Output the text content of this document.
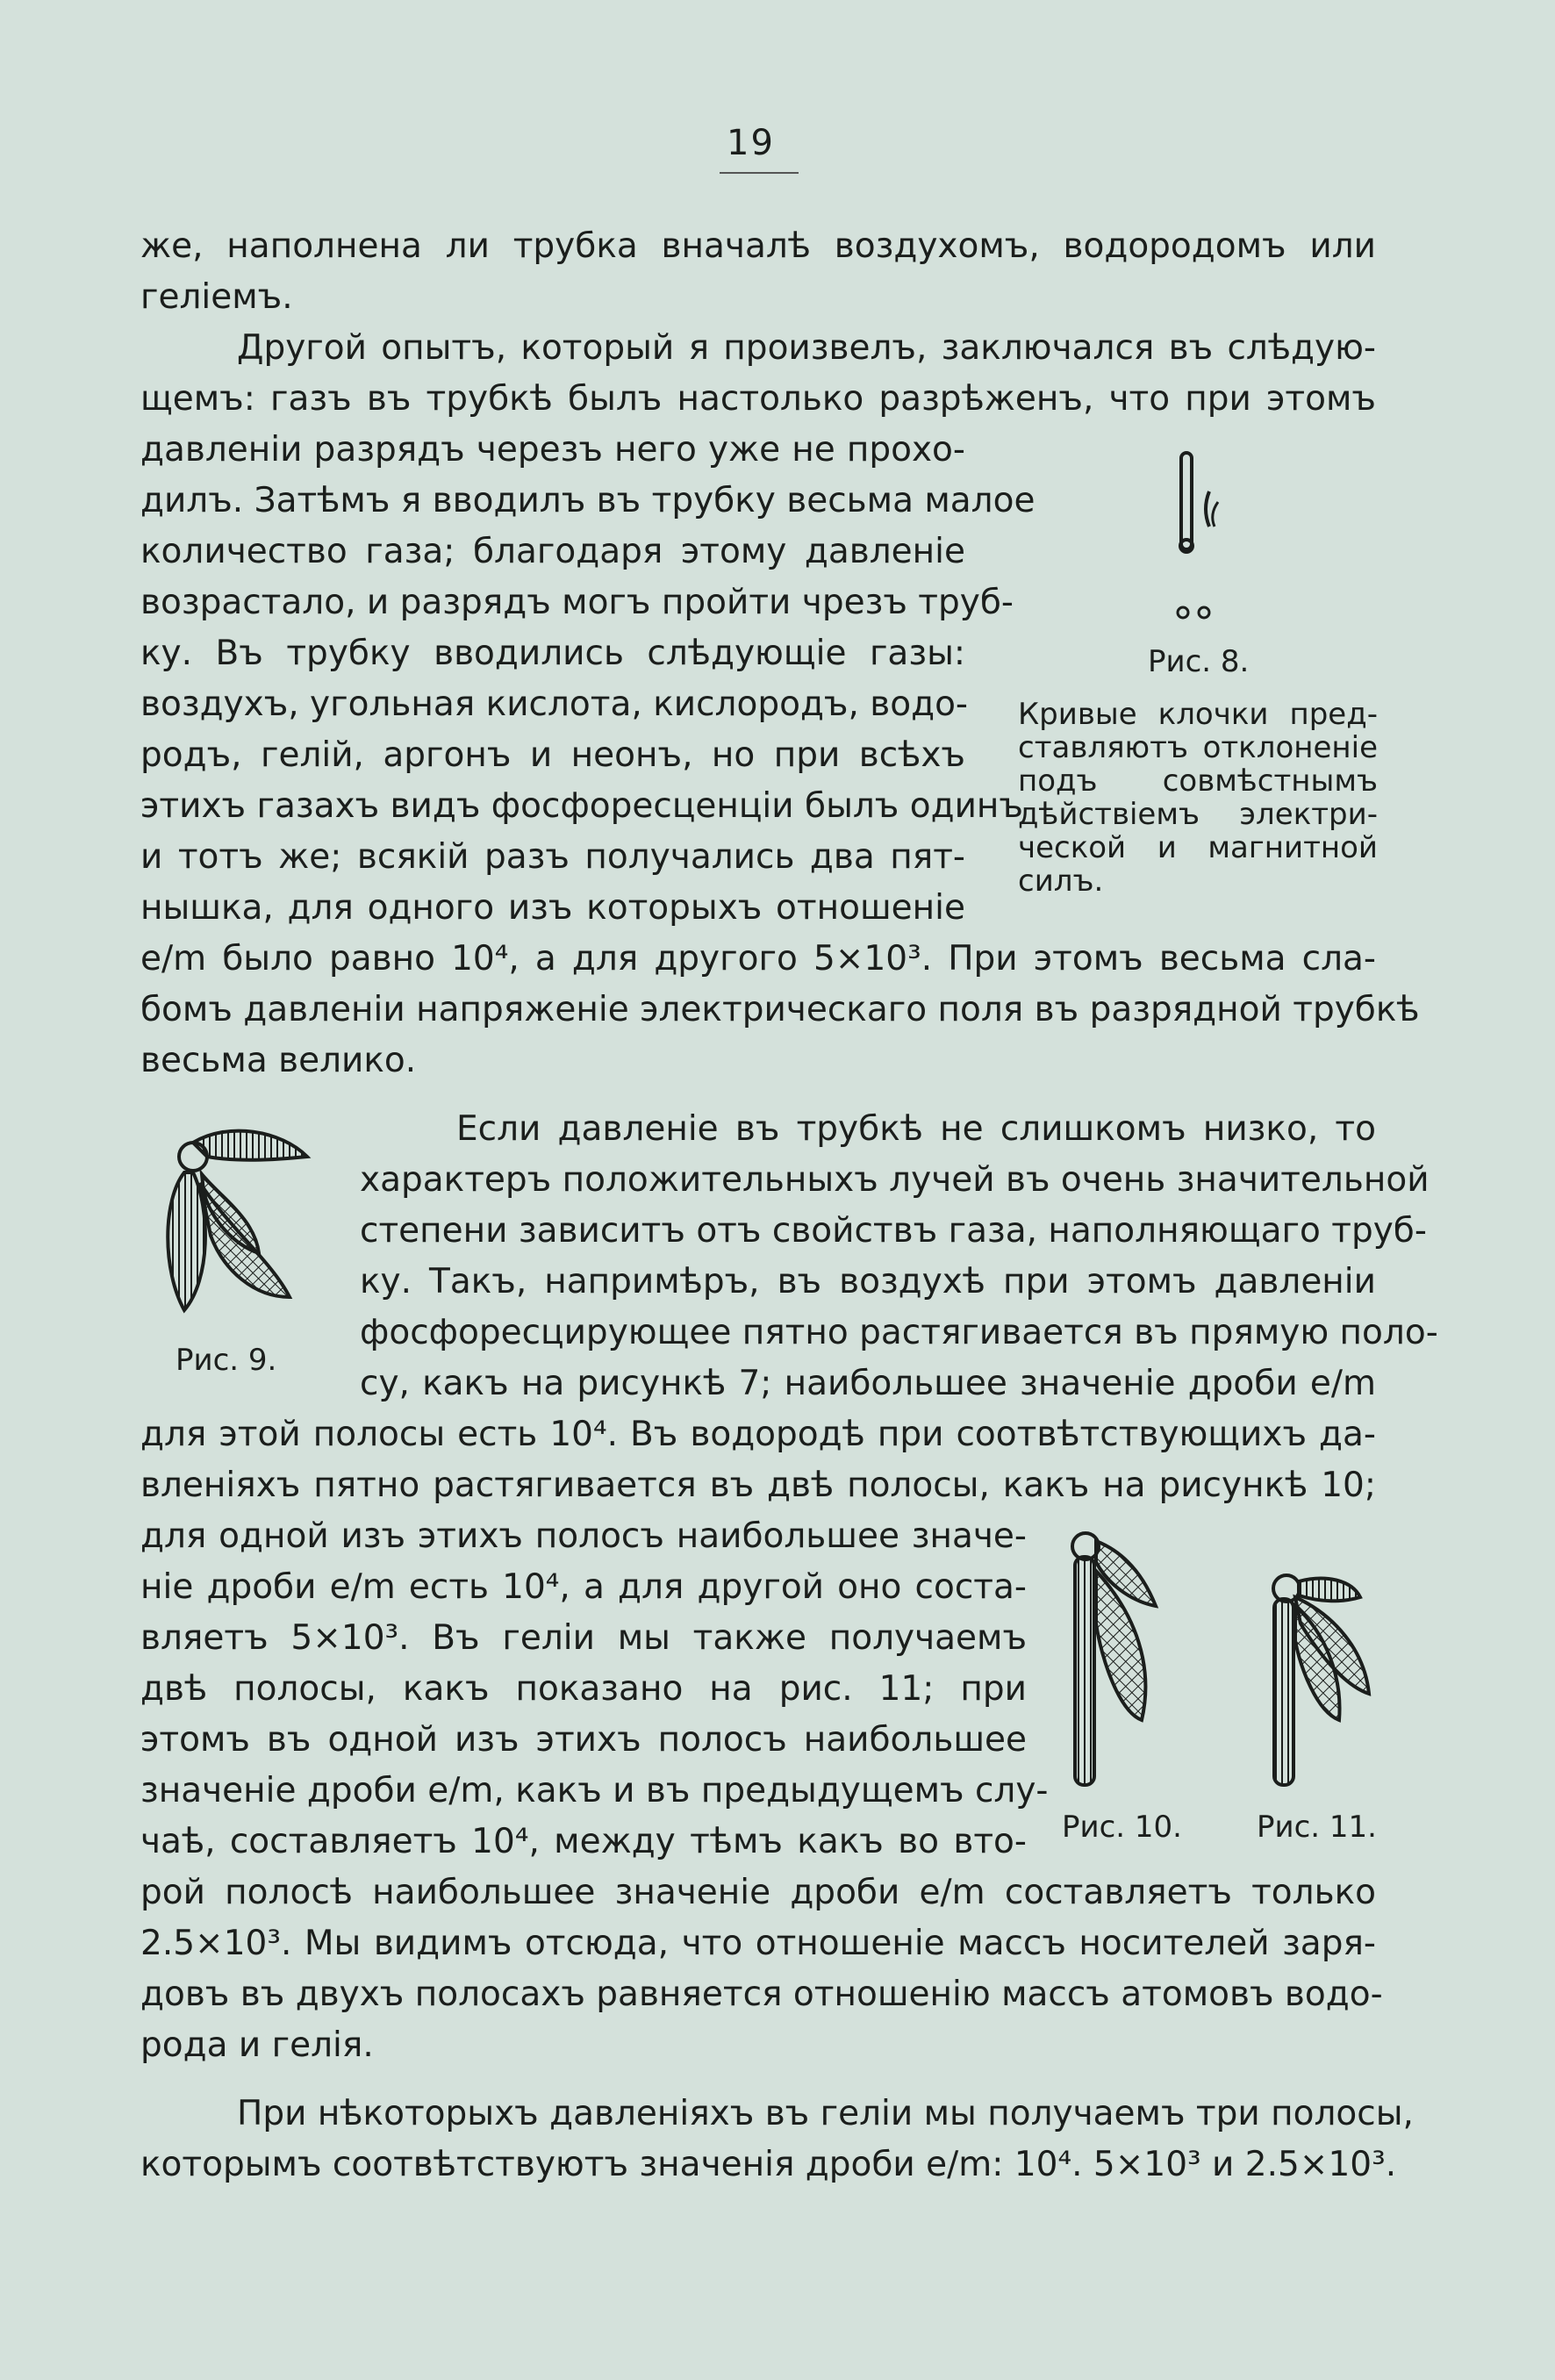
19
же, наполнена ли трубка вначалѣ воздухомъ, водородомъ или
геліемъ.
Другой опытъ, который я произвелъ, заключался въ слѣдую-
щемъ: газъ въ трубкѣ былъ настолько разрѣженъ, что при этомъ
давленіи разрядъ черезъ него уже не прохо-
дилъ. Затѣмъ я вводилъ въ трубку весьма малое
количество газа; благодаря этому давленіе
возрастало, и разрядъ могъ пройти чрезъ труб-
ку. Въ трубку вводились слѣдующіе газы:
воздухъ, угольная кислота, кислородъ, водо-
родъ, гелій, аргонъ и неонъ, но при всѣхъ
этихъ газахъ видъ фосфоресценціи былъ одинъ
и тотъ же; всякій разъ получались два пят-
нышка, для одного изъ которыхъ отношеніе
e/m было равно 10⁴, а для другого 5×10³. При этомъ весьма сла-
бомъ давленіи напряженіе электрическаго поля въ разрядной трубкѣ
весьма велико.
Рис. 8.
Кривые клочки пред-
ставляютъ отклоненіе
подъ совмѣстнымъ
дѣйствіемъ электри-
ческой и магнитной
силъ.
Если давленіе въ трубкѣ не слишкомъ низко, то
характеръ положительныхъ лучей въ очень значительной
степени зависитъ отъ свойствъ газа, наполняющаго труб-
ку. Такъ, напримѣръ, въ воздухѣ при этомъ давленіи
фосфоресцирующее пятно растягивается въ прямую поло-
су, какъ на рисункѣ 7; наибольшее значеніе дроби e/m
для этой полосы есть 10⁴. Въ водородѣ при соотвѣтствующихъ да-
вленіяхъ пятно растягивается въ двѣ полосы, какъ на рисункѣ 10;
для одной изъ этихъ полосъ наибольшее значе-
ніе дроби e/m есть 10⁴, а для другой оно соста-
вляетъ 5×10³. Въ геліи мы также получаемъ
двѣ полосы, какъ показано на рис. 11; при
этомъ въ одной изъ этихъ полосъ наибольшее
значеніе дроби e/m, какъ и въ предыдущемъ слу-
чаѣ, составляетъ 10⁴, между тѣмъ какъ во вто-
рой полосѣ наибольшее значеніе дроби e/m составляетъ только
2.5×10³. Мы видимъ отсюда, что отношеніе массъ носителей заря-
довъ въ двухъ полосахъ равняется отношенію массъ атомовъ водо-
рода и гелія.
Рис. 9.
Рис. 10.	Рис. 11.
При нѣкоторыхъ давленіяхъ въ геліи мы получаемъ три полосы,
которымъ соотвѣтствуютъ значенія дроби e/m: 10⁴. 5×10³ и 2.5×10³.
